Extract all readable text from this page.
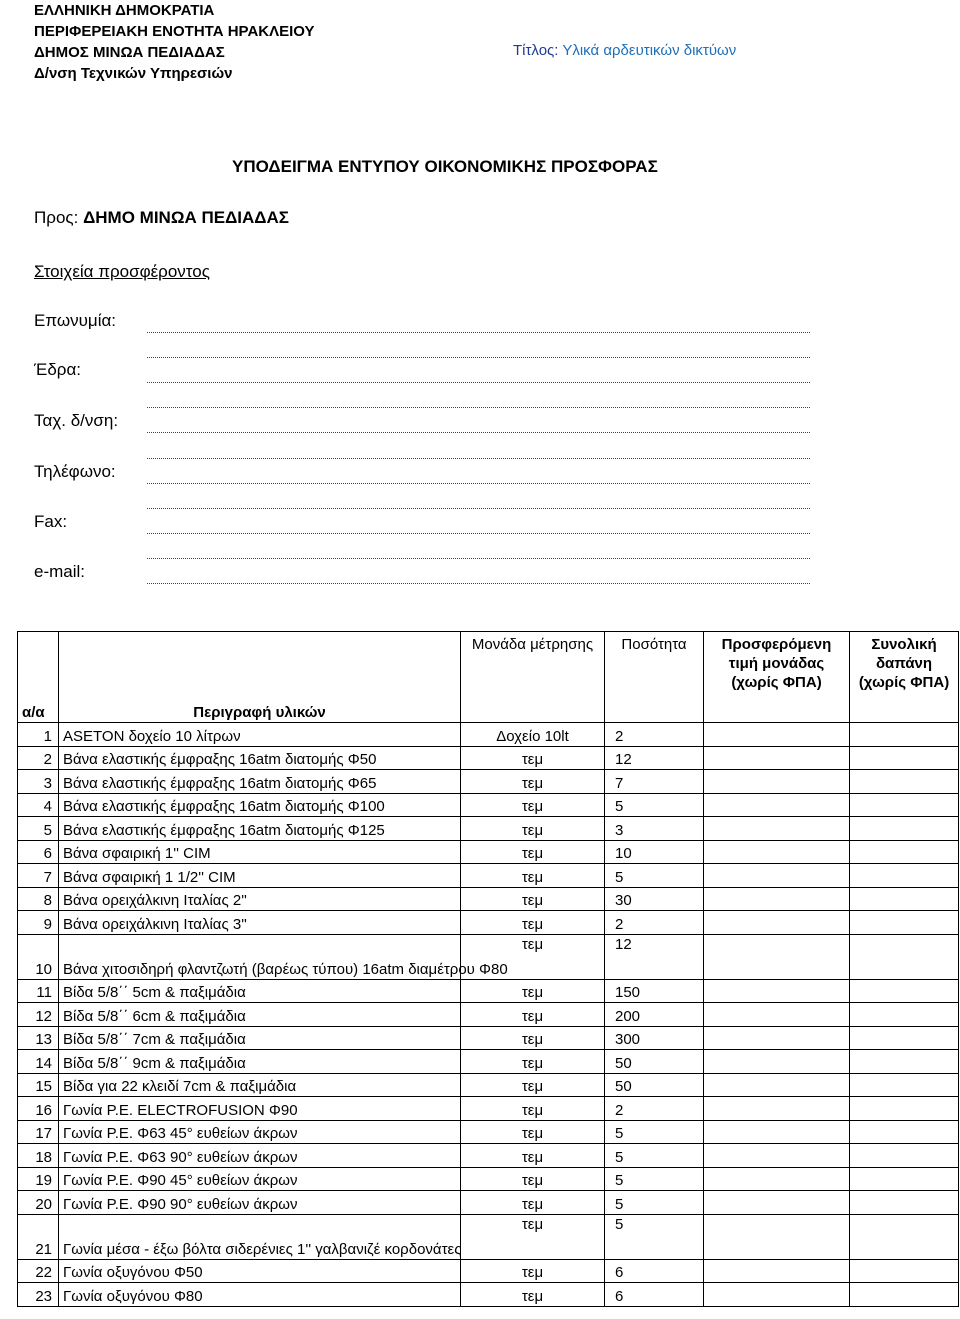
ΕΛΛΗΝΙΚΗ ΔΗΜΟΚΡΑΤΙΑ
ΠΕΡΙΦΕΡΕΙΑΚΗ ΕΝΟΤΗΤΑ ΗΡΑΚΛΕΙΟΥ
ΔΗΜΟΣ ΜΙΝΩΑ ΠΕΔΙΑΔΑΣ
Δ/νση Τεχνικών Υπηρεσιών
Τίτλος: Υλικά αρδευτικών δικτύων
ΥΠΟΔΕΙΓΜΑ ΕΝΤΥΠΟΥ ΟΙΚΟΝΟΜΙΚΗΣ ΠΡΟΣΦΟΡΑΣ
Προς: ΔΗΜΟ ΜΙΝΩΑ ΠΕΔΙΑΔΑΣ
Στοιχεία προσφέροντος
Επωνυμία:
Έδρα:
Ταχ. δ/νση:
Τηλέφωνο:
Fax:
e-mail:
α/α	Περιγραφή υλικών	Μονάδα μέτρησης	Ποσότητα	Προσφερόμενη τιμή μονάδας (χωρίς ΦΠΑ)	Συνολική δαπάνη (χωρίς ΦΠΑ)
1	ASETON δοχείο 10 λίτρων	Δοχείο 10lt	2		
2	Βάνα ελαστικής έμφραξης 16atm διατομής Φ50	τεμ	12		
3	Βάνα ελαστικής έμφραξης 16atm διατομής Φ65	τεμ	7		
4	Βάνα ελαστικής έμφραξης 16atm διατομής Φ100	τεμ	5		
5	Βάνα ελαστικής έμφραξης 16atm διατομής Φ125	τεμ	3		
6	Βάνα σφαιρική 1'' CIM	τεμ	10		
7	Βάνα σφαιρική 1 1/2'' CIM	τεμ	5		
8	Βάνα ορειχάλκινη Ιταλίας 2''	τεμ	30		
9	Βάνα ορειχάλκινη Ιταλίας 3''	τεμ	2		
10	Βάνα χιτοσιδηρή φλαντζωτή (βαρέως τύπου) 16atm διαμέτρου Φ80	τεμ	12		
11	Βίδα 5/8΄΄ 5cm & παξιμάδια	τεμ	150		
12	Βίδα 5/8΄΄ 6cm & παξιμάδια	τεμ	200		
13	Βίδα 5/8΄΄ 7cm & παξιμάδια	τεμ	300		
14	Βίδα 5/8΄΄ 9cm & παξιμάδια	τεμ	50		
15	Βίδα για 22 κλειδί 7cm & παξιμάδια	τεμ	50		
16	Γωνία P.E. ELECTROFUSION Φ90	τεμ	2		
17	Γωνία P.E. Φ63 45° ευθείων άκρων	τεμ	5		
18	Γωνία P.E. Φ63 90° ευθείων άκρων	τεμ	5		
19	Γωνία P.E. Φ90 45° ευθείων άκρων	τεμ	5		
20	Γωνία P.E. Φ90 90° ευθείων άκρων	τεμ	5		
21	Γωνία μέσα - έξω βόλτα σιδερένιες 1'' γαλβανιζέ κορδονάτες	τεμ	5		
22	Γωνία οξυγόνου Φ50	τεμ	6		
23	Γωνία οξυγόνου Φ80	τεμ	6		
